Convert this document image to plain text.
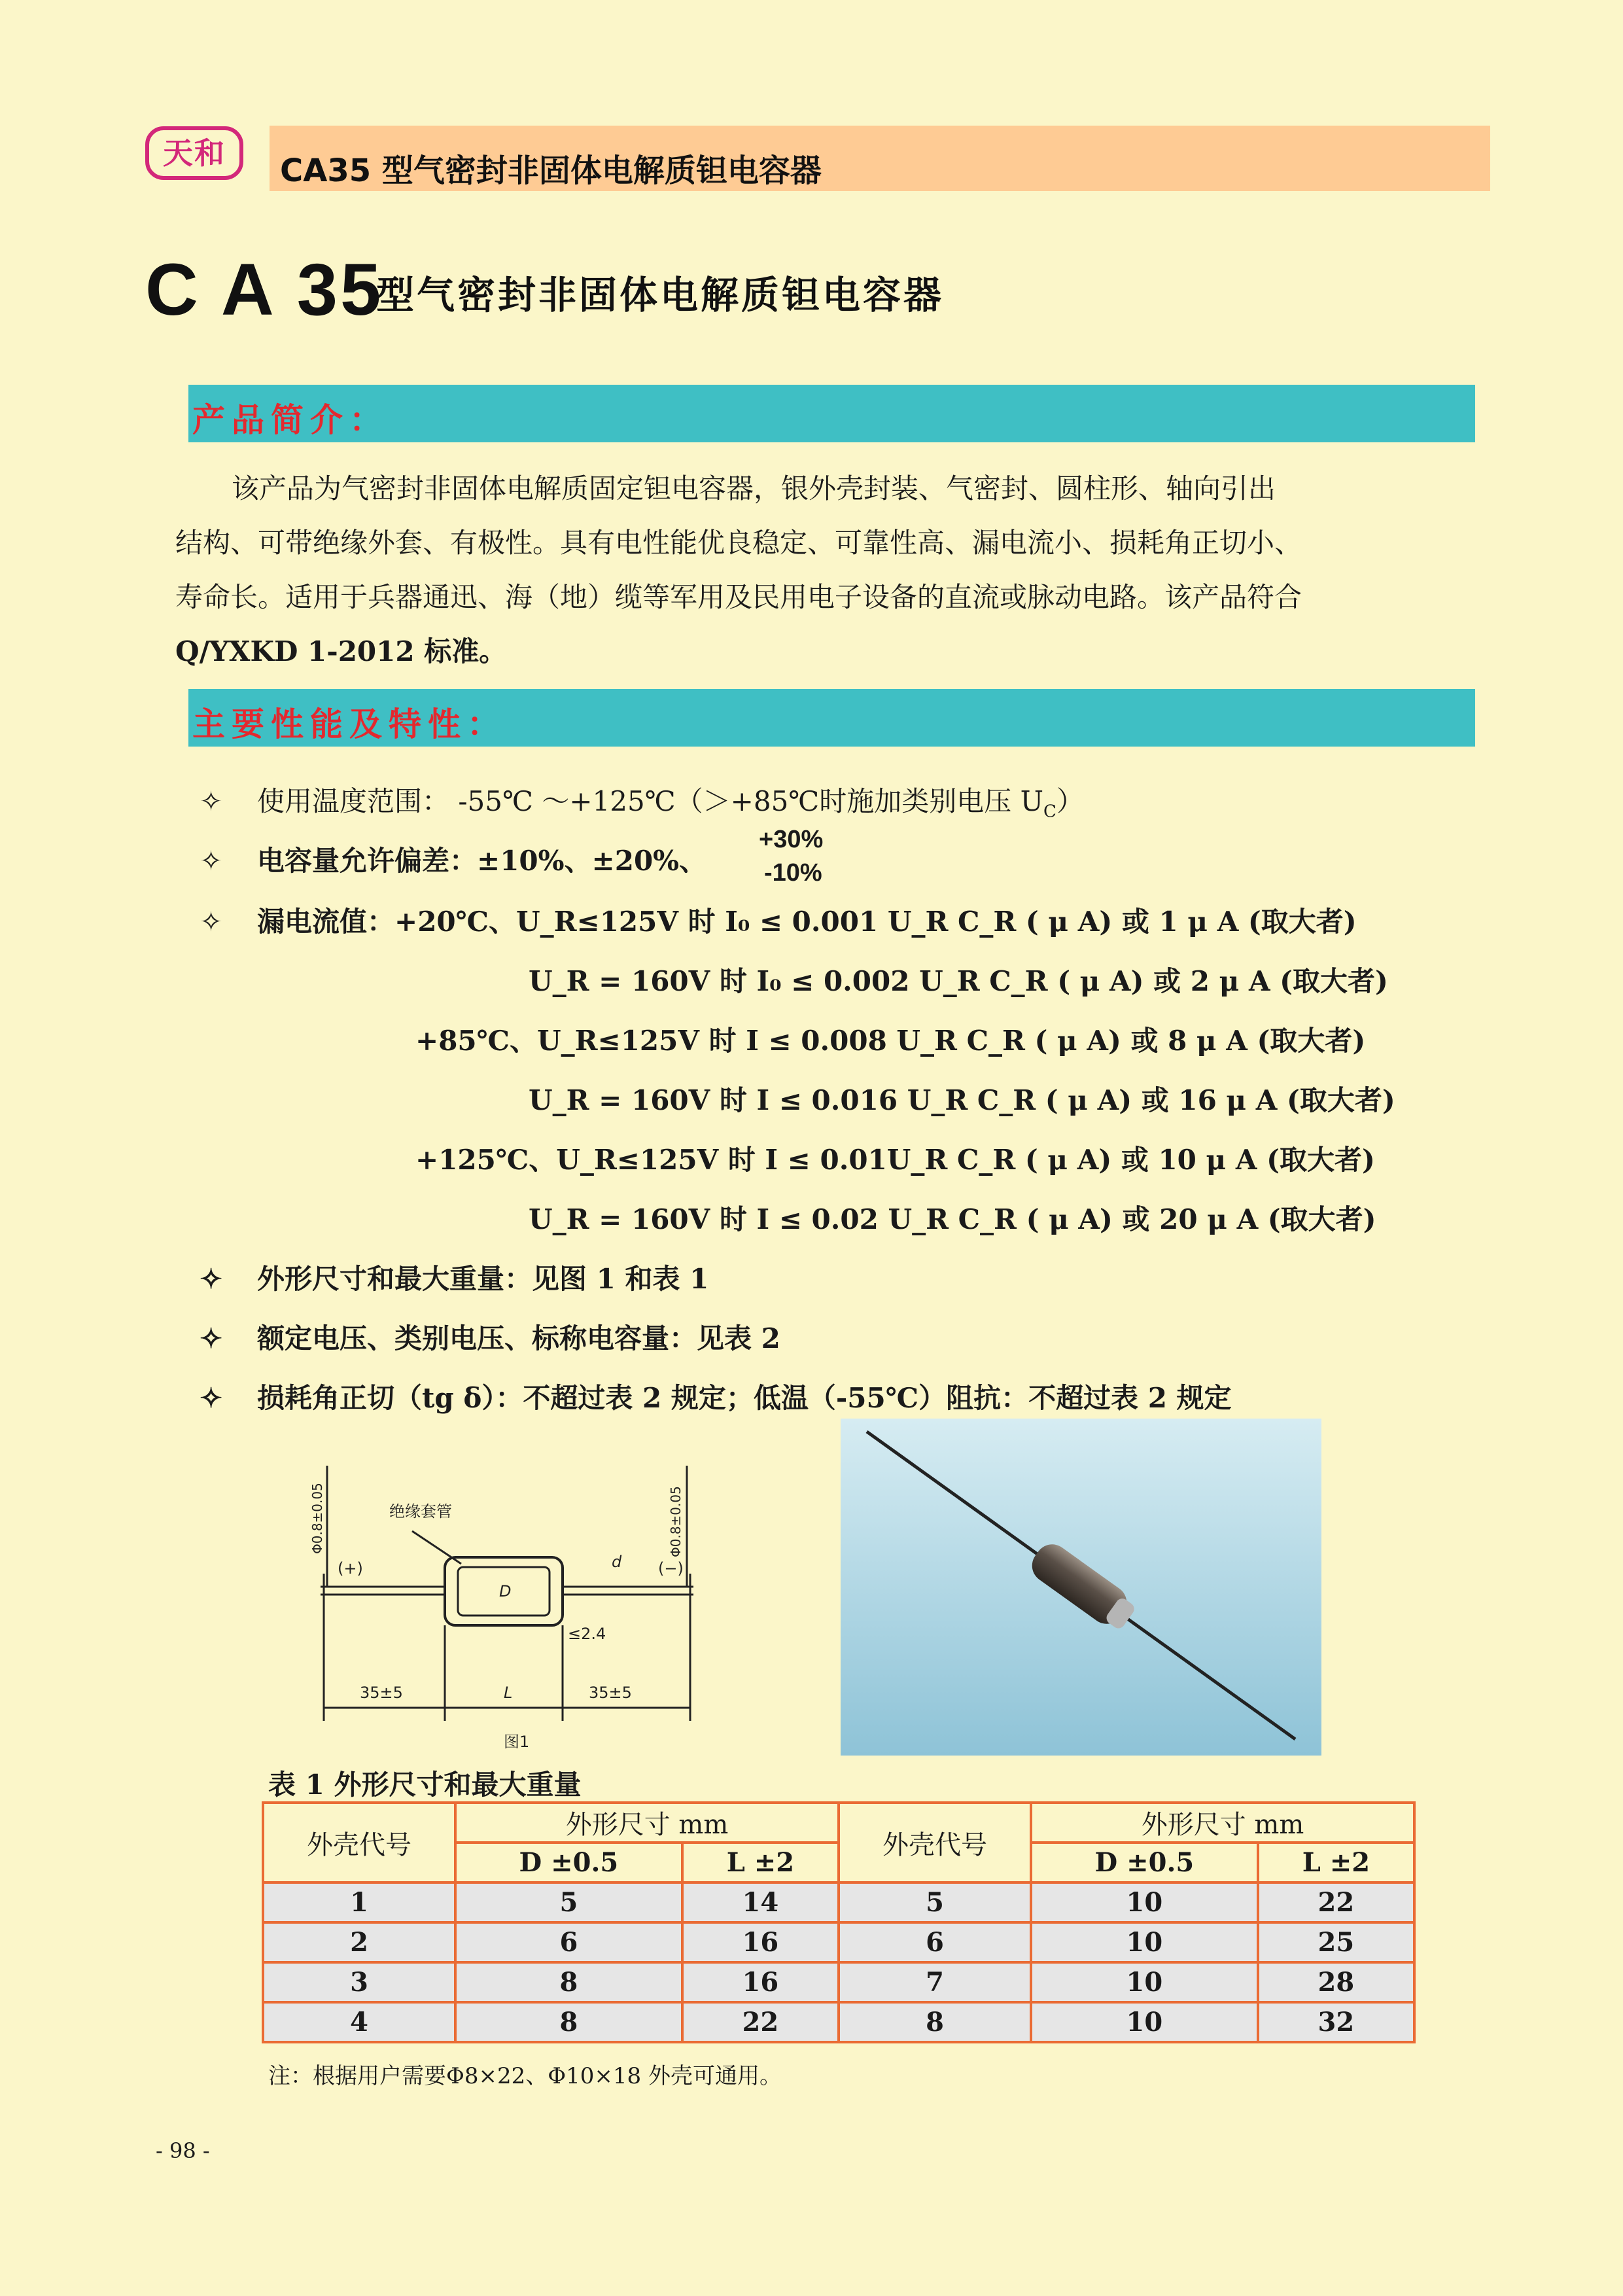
天和	CA35 型气密封非固体电解质钽电容器
C A 35
型气密封非固体电解质钽电容器
产品简介：
该产品为气密封非固体电解质固定钽电容器，银外壳封装、气密封、圆柱形、轴向引出
结构、可带绝缘外套、有极性。具有电性能优良稳定、可靠性高、漏电流小、损耗角正切小、
寿命长。适用于兵器通迅、海（地）缆等军用及民用电子设备的直流或脉动电路。该产品符合
Q/YXKD 1-2012 标准。
主要性能及特性：
✧ 使用温度范围： -55℃ ～+125℃（＞+85℃时施加类别电压 $U_C$）
✧ 电容量允许偏差：±10%、±20%、
+30%
-10%
✧ 漏电流值：+20℃、U_R≤125V 时 I₀ ≤ 0.001 U_R C_R ( μ A) 或 1 μ A (取大者)
U_R = 160V 时 I₀ ≤ 0.002 U_R C_R ( μ A) 或 2 μ A (取大者)
+85℃、U_R≤125V 时 I ≤ 0.008 U_R C_R ( μ A) 或 8 μ A (取大者)
U_R = 160V 时 I ≤ 0.016 U_R C_R ( μ A) 或 16 μ A (取大者)
+125℃、U_R≤125V 时 I ≤ 0.01U_R C_R ( μ A) 或 10 μ A (取大者)
U_R = 160V 时 I ≤ 0.02 U_R C_R ( μ A) 或 20 μ A (取大者)
✧ 外形尺寸和最大重量：见图 1 和表 1
✧ 额定电压、类别电压、标称电容量：见表 2
✧ 损耗角正切（tg δ）：不超过表 2 规定；低温（-55℃）阻抗：不超过表 2 规定
绝缘套管
Φ0.8±0.05	Φ0.8±0.05
(+)	(−)
D
d
≤2.4
35±5	L	35±5
图1
表 1 外形尺寸和最大重量
外壳代号	外形尺寸 mm		外壳代号	外形尺寸 mm	
	D ±0.5	L ±2		D ±0.5	L ±2
1	5	14	5	10	22
2	6	16	6	10	25
3	8	16	7	10	28
4	8	22	8	10	32
注：根据用户需要Φ8×22、Φ10×18 外壳可通用。
- 98 -
